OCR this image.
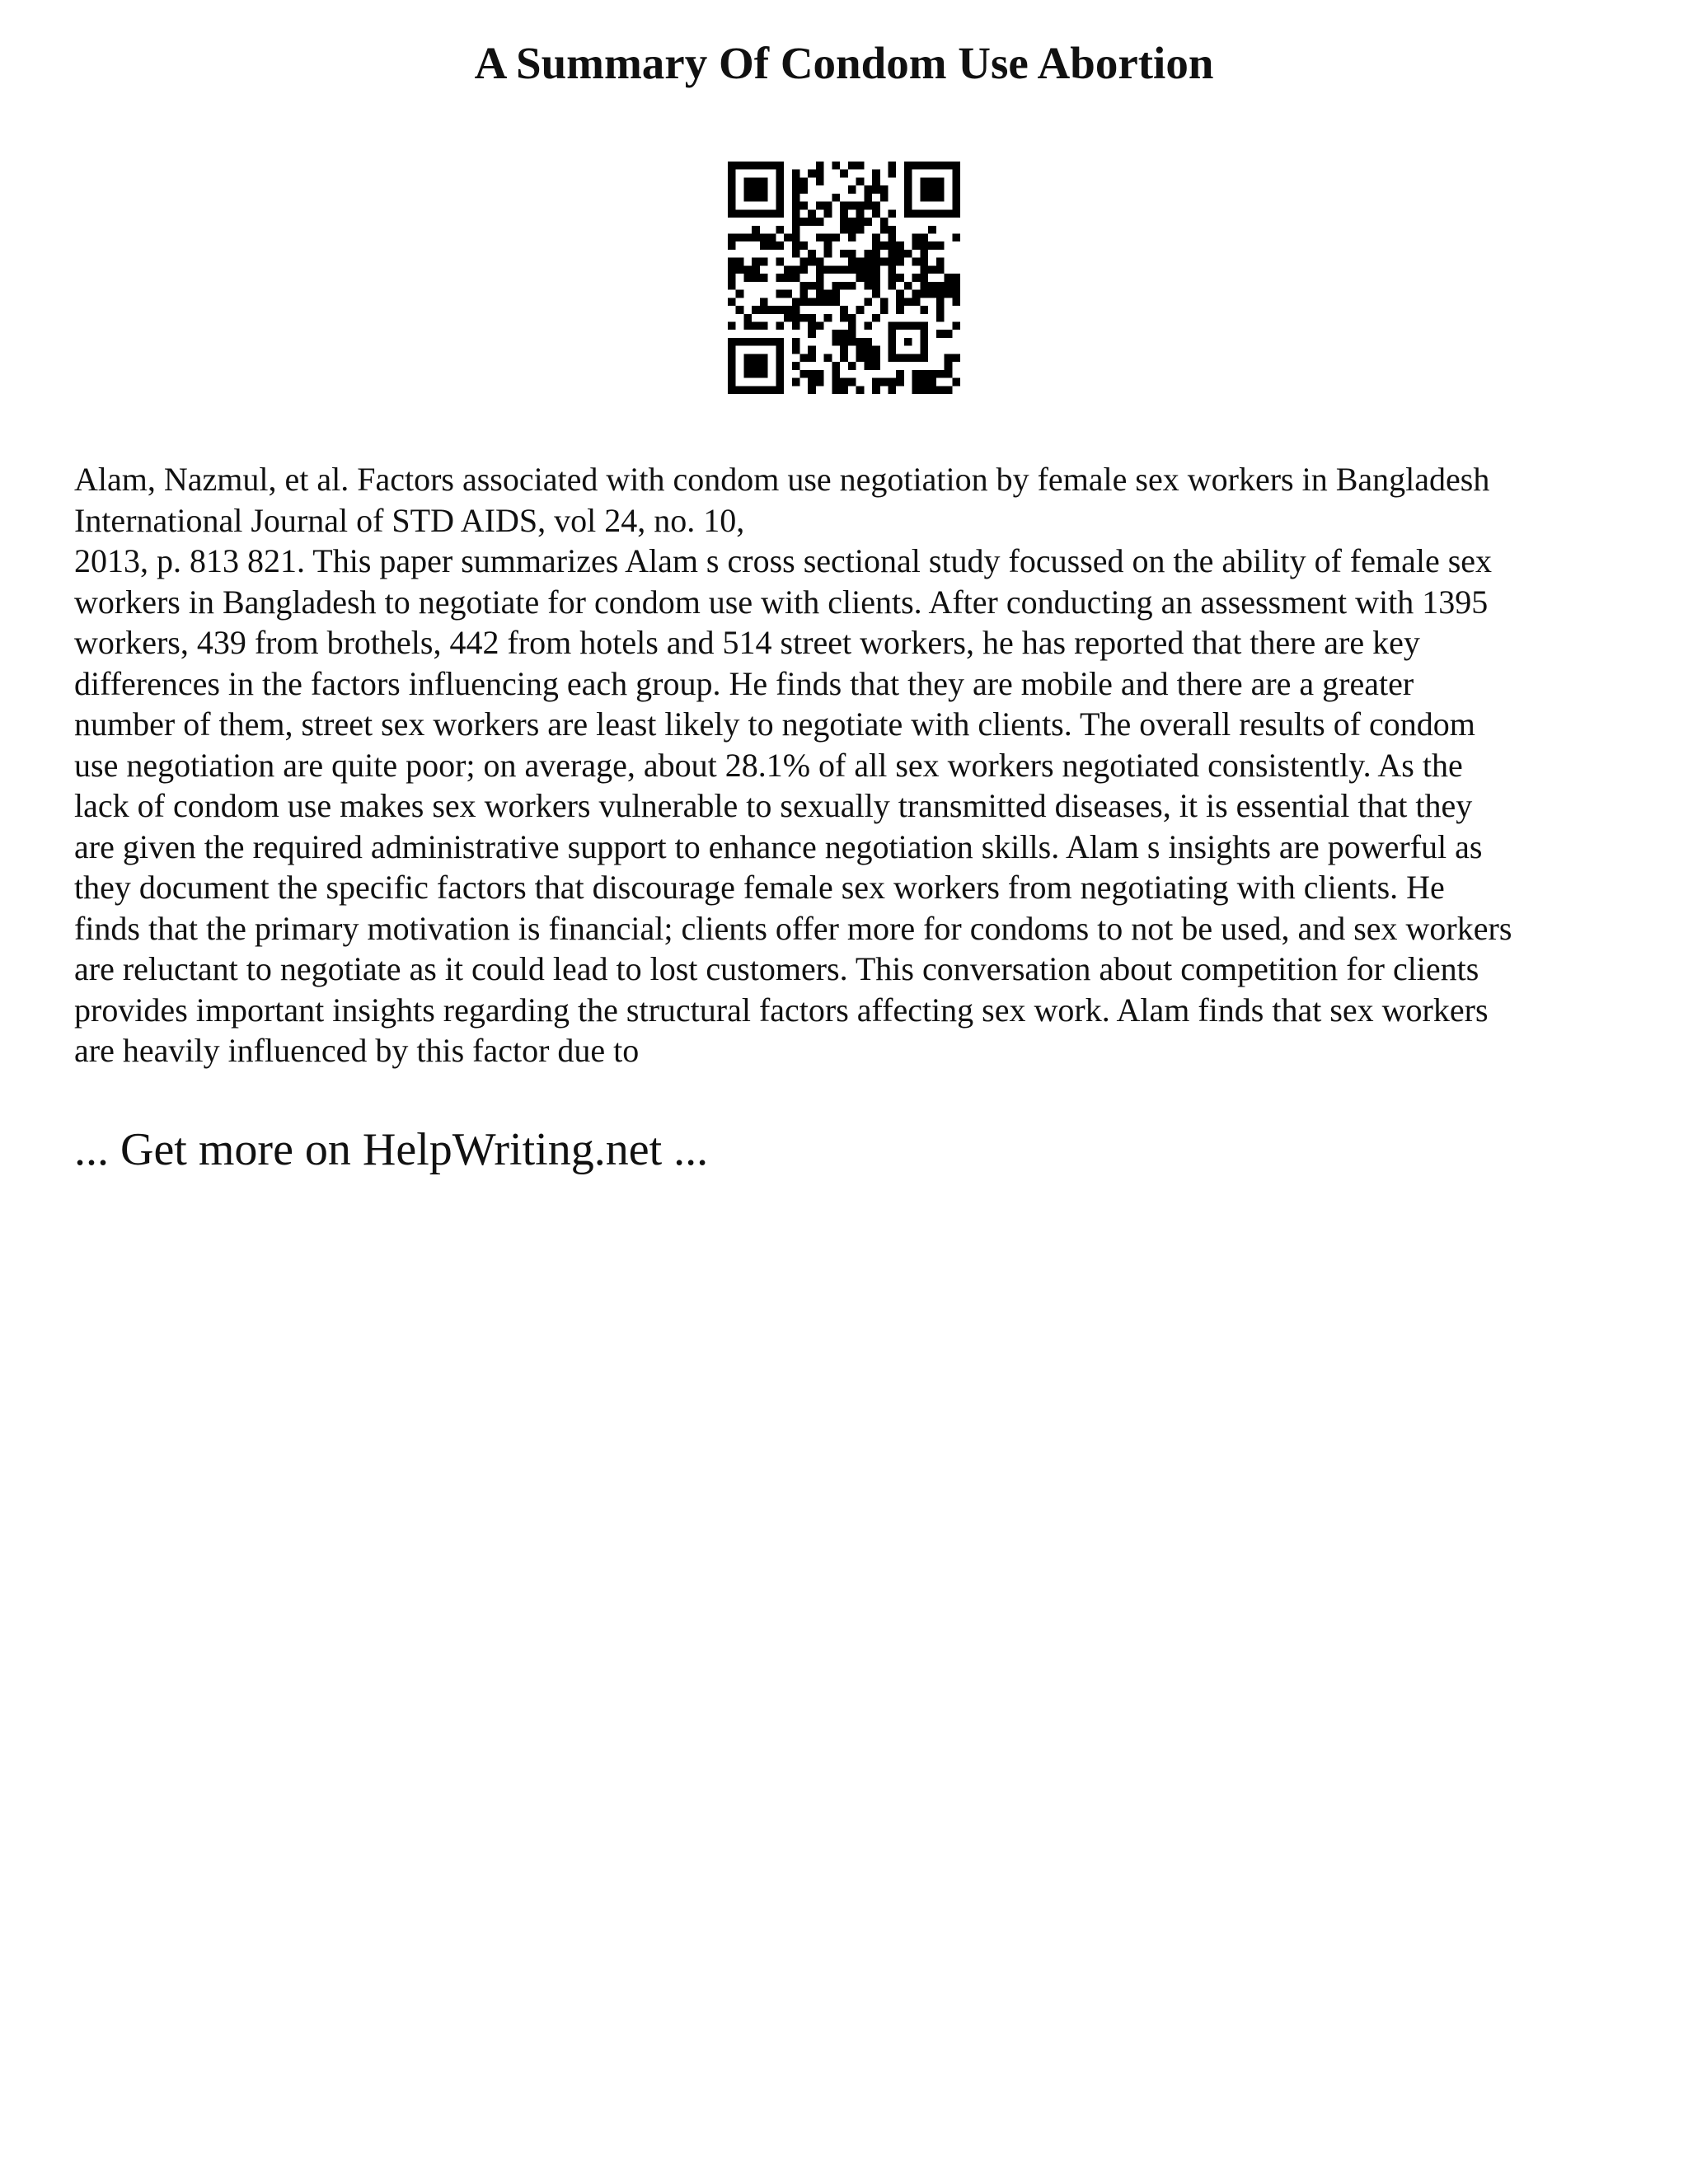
A Summary Of Condom Use Abortion
Alam, Nazmul, et al. Factors associated with condom use negotiation by female sex workers in Bangladesh
International Journal of STD AIDS, vol 24, no. 10,
2013, p. 813 821. This paper summarizes Alam s cross sectional study focussed on the ability of female sex
workers in Bangladesh to negotiate for condom use with clients. After conducting an assessment with 1395
workers, 439 from brothels, 442 from hotels and 514 street workers, he has reported that there are key
differences in the factors influencing each group. He finds that they are mobile and there are a greater
number of them, street sex workers are least likely to negotiate with clients. The overall results of condom
use negotiation are quite poor; on average, about 28.1% of all sex workers negotiated consistently. As the
lack of condom use makes sex workers vulnerable to sexually transmitted diseases, it is essential that they
are given the required administrative support to enhance negotiation skills. Alam s insights are powerful as
they document the specific factors that discourage female sex workers from negotiating with clients. He
finds that the primary motivation is financial; clients offer more for condoms to not be used, and sex workers
are reluctant to negotiate as it could lead to lost customers. This conversation about competition for clients
provides important insights regarding the structural factors affecting sex work. Alam finds that sex workers
are heavily influenced by this factor due to

... Get more on HelpWriting.net ...
